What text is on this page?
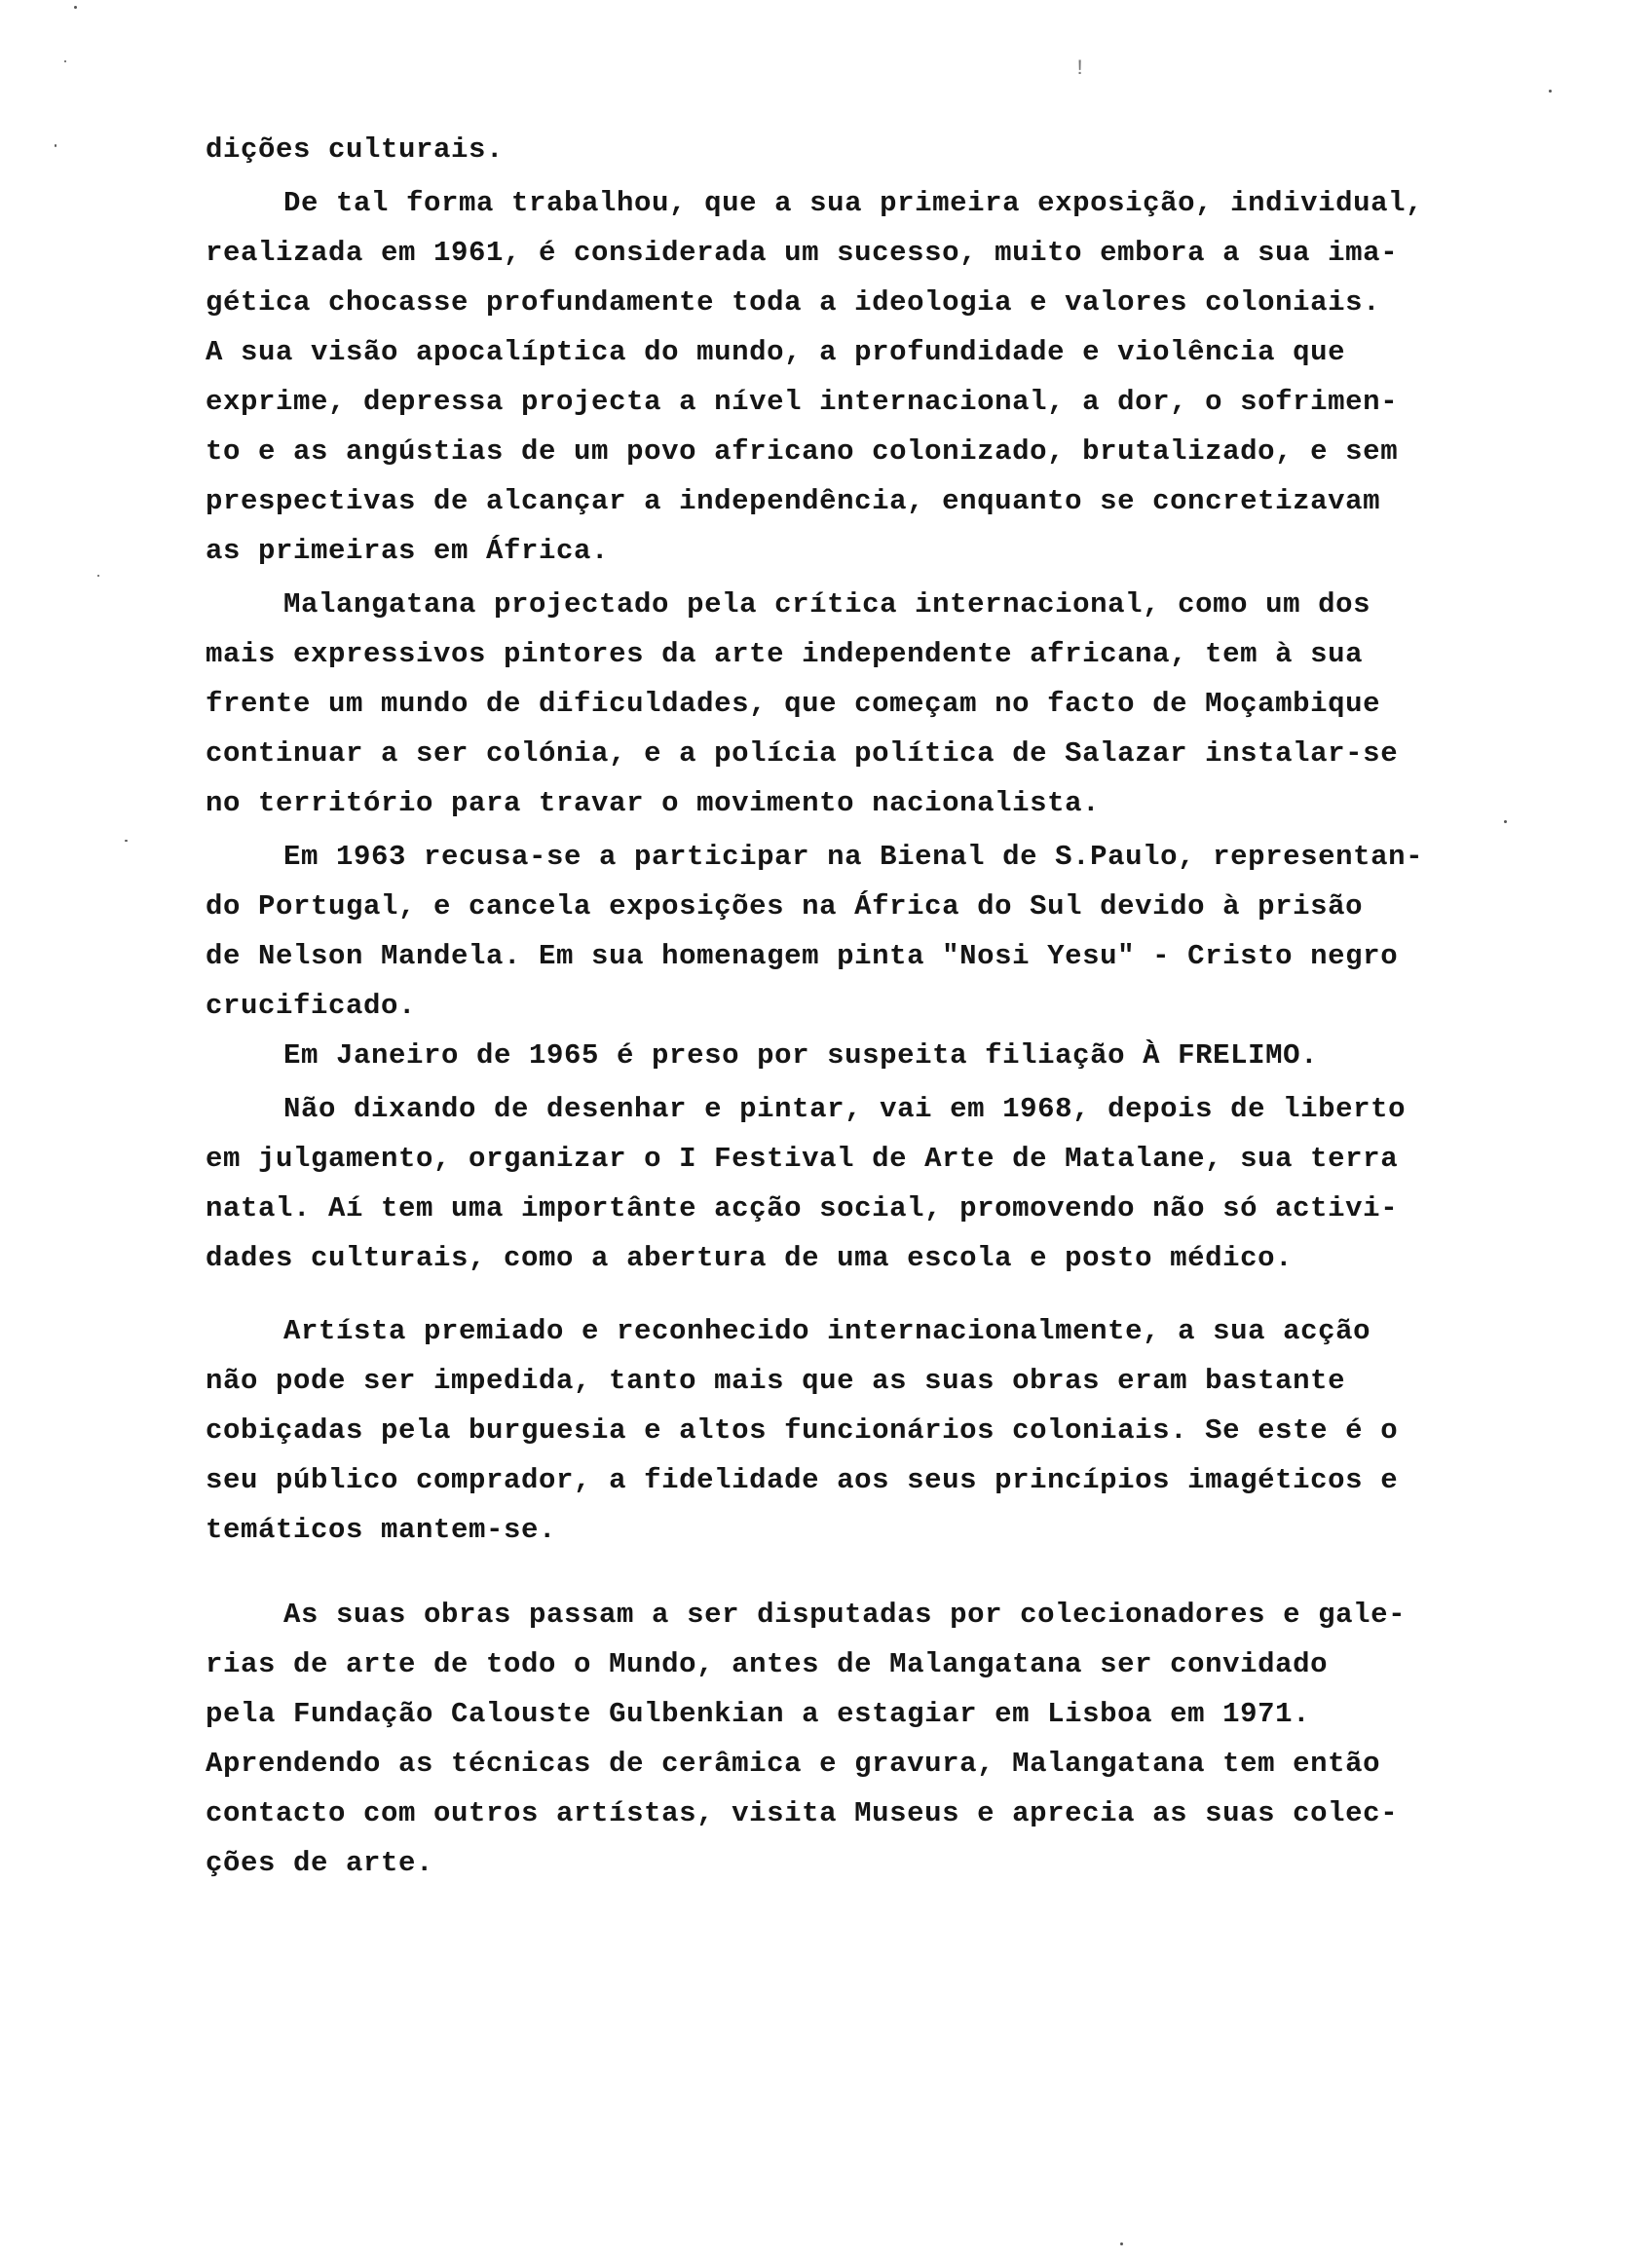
!
dições culturais.
De tal forma trabalhou, que a sua primeira exposição, individual,
realizada em 1961, é considerada um sucesso, muito embora a sua ima-
gética chocasse profundamente toda a ideologia e valores coloniais.
A sua visão apocalíptica do mundo, a profundidade e violência que
exprime, depressa projecta a nível internacional, a dor, o sofrimen-
to e as angústias de um povo africano colonizado, brutalizado, e sem
prespectivas de alcançar a independência, enquanto se concretizavam
as primeiras em África.
Malangatana projectado pela crítica internacional, como um dos
mais expressivos pintores da arte independente africana, tem à sua
frente um mundo de dificuldades, que começam no facto de Moçambique
continuar a ser colónia, e a polícia política de Salazar instalar-se
no território para travar o movimento nacionalista.
Em 1963 recusa-se a participar na Bienal de S.Paulo, representan-
do Portugal, e cancela exposições na África do Sul devido à prisão
de Nelson Mandela. Em sua homenagem pinta "Nosi Yesu" - Cristo negro
crucificado.
Em Janeiro de 1965 é preso por suspeita filiação À FRELIMO.
Não dixando de desenhar e pintar, vai em 1968, depois de liberto
em julgamento, organizar o I Festival de Arte de Matalane, sua terra
natal. Aí tem uma importânte acção social, promovendo não só activi-
dades culturais, como a abertura de uma escola e posto médico.
Artísta premiado e reconhecido internacionalmente, a sua acção
não pode ser impedida, tanto mais que as suas obras eram bastante
cobiçadas pela burguesia e altos funcionários coloniais. Se este é o
seu público comprador, a fidelidade aos seus princípios imagéticos e
temáticos mantem-se.
As suas obras passam a ser disputadas por colecionadores e gale-
rias de arte de todo o Mundo, antes de Malangatana ser convidado
pela Fundação Calouste Gulbenkian a estagiar em Lisboa em 1971.
Aprendendo as técnicas de cerâmica e gravura, Malangatana tem então
contacto com outros artístas, visita Museus e aprecia as suas colec-
ções de arte.
